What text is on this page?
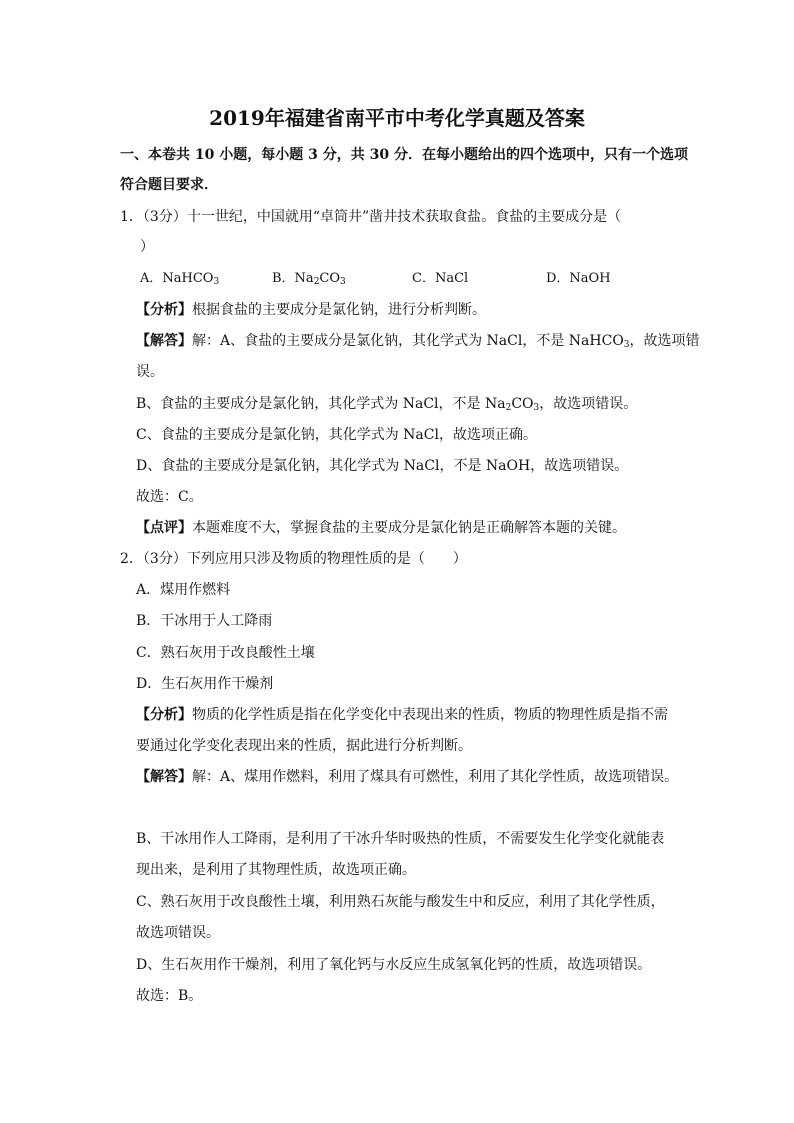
2019年福建省南平市中考化学真题及答案
一、本卷共 10 小题，每小题 3 分，共 30 分．在每小题给出的四个选项中，只有一个选项
符合题目要求．
1．（3分）十一世纪，中国就用“卓筒井”凿井技术获取食盐。食盐的主要成分是（
）
A．NaHCO$_3$	B．$Na_2CO_3$	C．NaCl	D．NaOH
【分析】根据食盐的主要成分是氯化钠，进行分析判断。
【解答】解：A、食盐的主要成分是氯化钠，其化学式为 NaCl，不是 NaHCO$_3$，故选项错
误。
B、食盐的主要成分是氯化钠，其化学式为 NaCl，不是 $Na_2CO_3$，故选项错误。
C、食盐的主要成分是氯化钠，其化学式为 NaCl，故选项正确。
D、食盐的主要成分是氯化钠，其化学式为 NaCl，不是 NaOH，故选项错误。
故选：C。
【点评】本题难度不大，掌握食盐的主要成分是氯化钠是正确解答本题的关键。
2．（3分）下列应用只涉及物质的物理性质的是（　　）
A．煤用作燃料
B．干冰用于人工降雨
C．熟石灰用于改良酸性土壤
D．生石灰用作干燥剂
【分析】物质的化学性质是指在化学变化中表现出来的性质，物质的物理性质是指不需
要通过化学变化表现出来的性质，据此进行分析判断。
【解答】解：A、煤用作燃料，利用了煤具有可燃性，利用了其化学性质，故选项错误。
B、干冰用作人工降雨，是利用了干冰升华时吸热的性质，不需要发生化学变化就能表
现出来，是利用了其物理性质，故选项正确。
C、熟石灰用于改良酸性土壤，利用熟石灰能与酸发生中和反应，利用了其化学性质，
故选项错误。
D、生石灰用作干燥剂，利用了氧化钙与水反应生成氢氧化钙的性质，故选项错误。
故选：B。
